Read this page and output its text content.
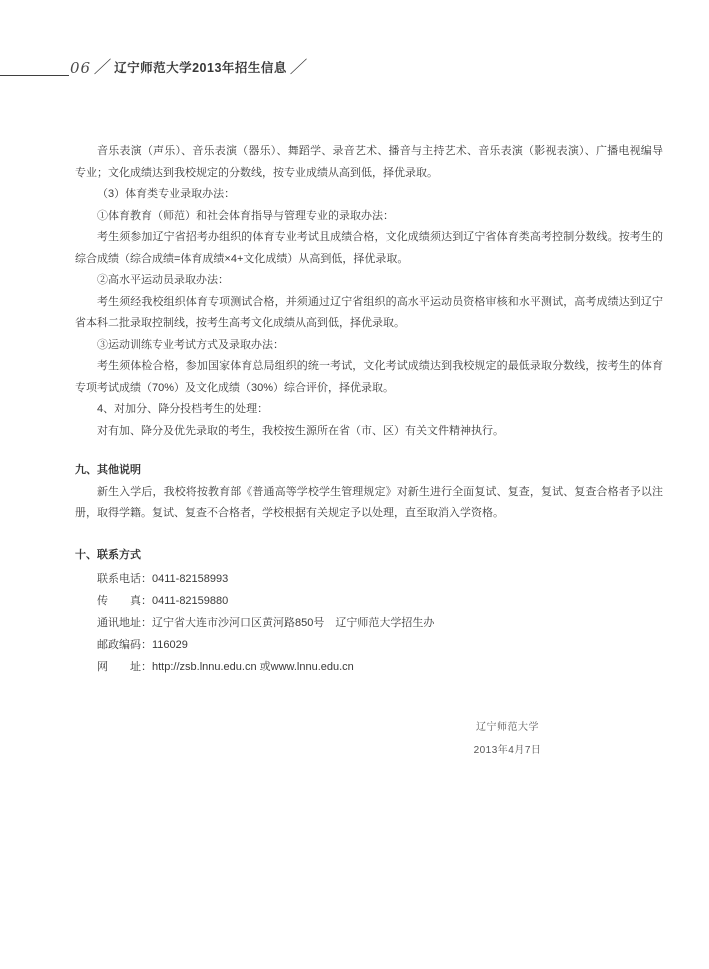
06 ／ 辽宁师范大学2013年招生信息 ／

音乐表演（声乐）、音乐表演（器乐）、舞蹈学、录音艺术、播音与主持艺术、音乐表演（影视表演）、广播电视编导专业；文化成绩达到我校规定的分数线，按专业成绩从高到低，择优录取。

（3）体育类专业录取办法：

①体育教育（师范）和社会体育指导与管理专业的录取办法：

考生须参加辽宁省招考办组织的体育专业考试且成绩合格，文化成绩须达到辽宁省体育类高考控制分数线。按考生的综合成绩（综合成绩=体育成绩×4+文化成绩）从高到低，择优录取。

②高水平运动员录取办法：

考生须经我校组织体育专项测试合格，并须通过辽宁省组织的高水平运动员资格审核和水平测试，高考成绩达到辽宁省本科二批录取控制线，按考生高考文化成绩从高到低，择优录取。

③运动训练专业考试方式及录取办法：

考生须体检合格，参加国家体育总局组织的统一考试，文化考试成绩达到我校规定的最低录取分数线，按考生的体育专项考试成绩（70%）及文化成绩（30%）综合评价，择优录取。

4、对加分、降分投档考生的处理：

对有加、降分及优先录取的考生，我校按生源所在省（市、区）有关文件精神执行。

九、其他说明

新生入学后，我校将按教育部《普通高等学校学生管理规定》对新生进行全面复试、复查，复试、复查合格者予以注册，取得学籍。复试、复查不合格者，学校根据有关规定予以处理，直至取消入学资格。

十、联系方式

联系电话：0411-82158993

传　　真：0411-82159880

通讯地址：辽宁省大连市沙河口区黄河路850号　辽宁师范大学招生办

邮政编码：116029

网　　址：http://zsb.lnnu.edu.cn 或www.lnnu.edu.cn

辽宁师范大学
2013年4月7日
